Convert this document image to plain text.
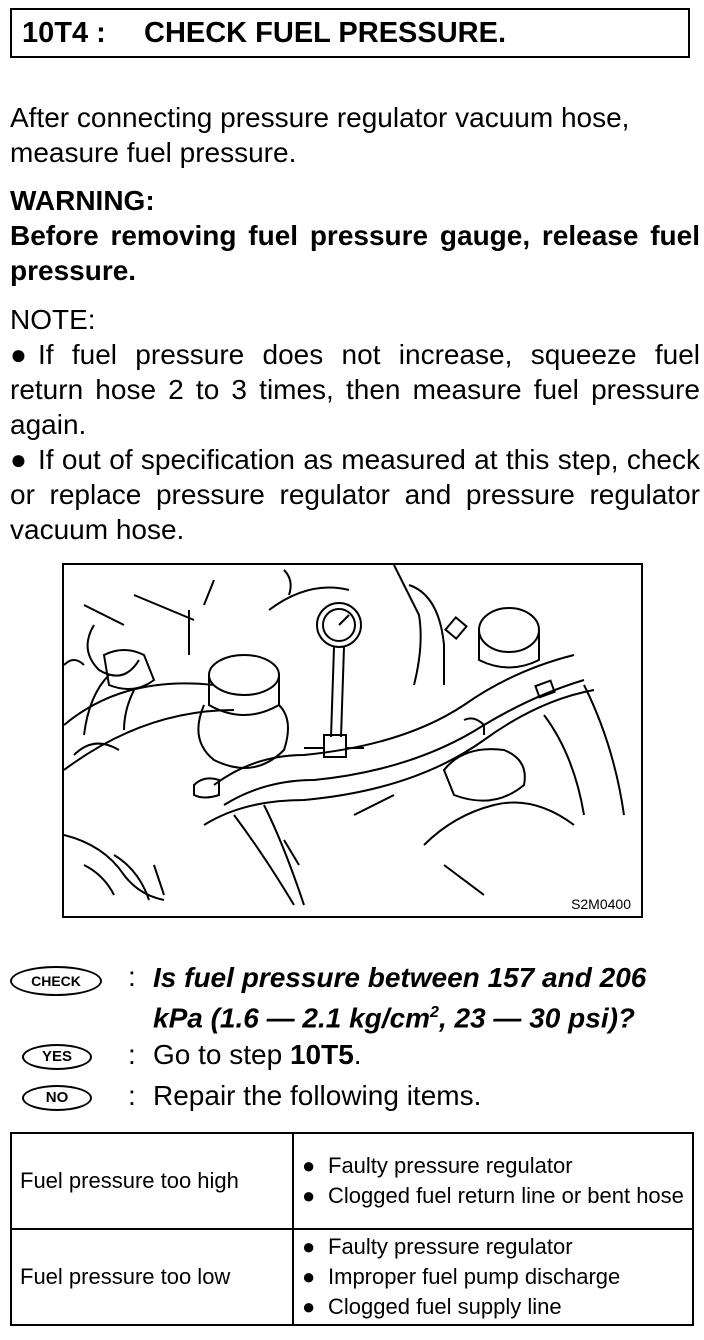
10T4 :	CHECK FUEL PRESSURE.
After connecting pressure regulator vacuum hose,
measure fuel pressure.
WARNING:
Before removing fuel pressure gauge, release fuel pressure.
NOTE:
● If fuel pressure does not increase, squeeze fuel return hose 2 to 3 times, then measure fuel pressure again.
● If out of specification as measured at this step, check or replace pressure regulator and pressure regulator vacuum hose.
S2M0400
CHECK	: Is fuel pressure between 157 and 206
kPa (1.6 — 2.1 $kg/cm^2$, 23 — 30 psi)?
YES	: Go to step 10T5.
NO	: Repair the following items.
Fuel pressure too high	● Faulty pressure regulator
● Clogged fuel return line or bent hose

Fuel pressure too low	● Faulty pressure regulator
● Improper fuel pump discharge
● Clogged fuel supply line
